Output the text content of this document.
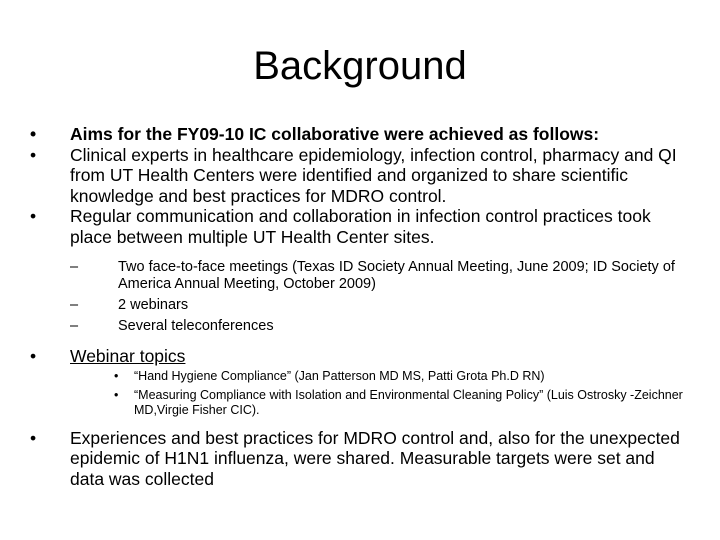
Background
•	Aims for the FY09-10 IC collaborative were achieved as follows:
•	Clinical experts in healthcare epidemiology, infection control, pharmacy and QI from UT Health Centers were identified and organized to share scientific knowledge and best practices for MDRO control.
•	Regular communication and collaboration in infection control practices took place between multiple UT Health Center sites.
–	Two face-to-face meetings (Texas ID Society Annual Meeting, June 2009; ID Society of America Annual Meeting, October 2009)
–	2 webinars
–	Several teleconferences
•	Webinar topics
• “Hand Hygiene Compliance” (Jan Patterson MD MS, Patti Grota Ph.D RN)
• “Measuring Compliance with Isolation and Environmental Cleaning Policy” (Luis Ostrosky -Zeichner MD,Virgie Fisher CIC).
•	Experiences and best practices for MDRO control and, also for the unexpected epidemic of H1N1 influenza, were shared. Measurable targets were set and data was collected
